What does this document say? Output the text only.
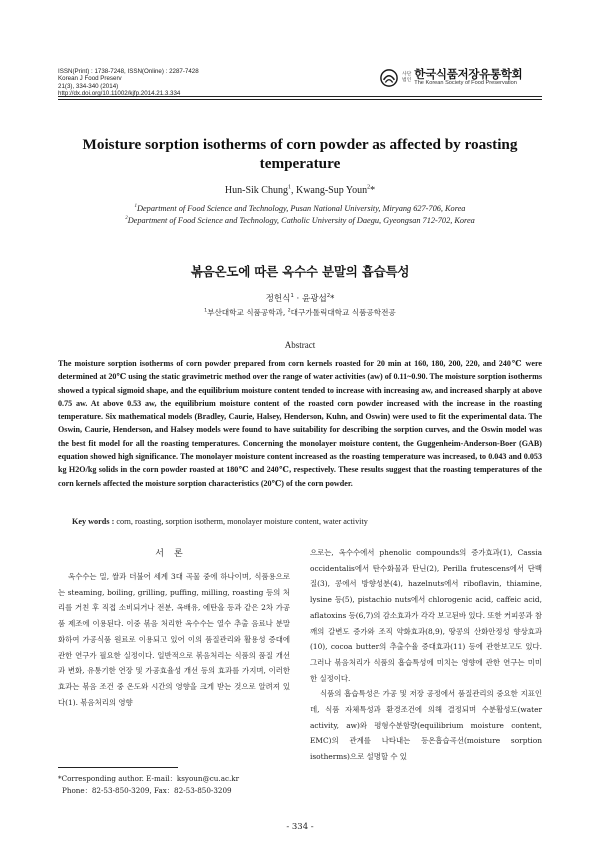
ISSN(Print) : 1738-7248, ISSN(Online) : 2287-7428
Korean J Food Preserv
21(3), 334-340 (2014)
http://dx.doi.org/10.11002/kjfp.2014.21.3.334
사단
법인 한국식품저장유통학회
The Korean Society of Food Preservation
Moisture sorption isotherms of corn powder as affected by roasting temperature
Hun-Sik Chung$^1$, Kwang-Sup Youn$^2$*
$^1$Department of Food Science and Technology, Pusan National University, Miryang 627-706, Korea
$^2$Department of Food Science and Technology, Catholic University of Daegu, Gyeongsan 712-702, Korea
볶음온도에 따른 옥수수 분말의 흡습특성
정헌식$^1$ · 윤광섭$^2$*
$^1$부산대학교 식품공학과, $^2$대구가톨릭대학교 식품공학전공
Abstract
The moisture sorption isotherms of corn powder prepared from corn kernels roasted for 20 min at 160, 180, 200, 220, and 240℃ were determined at 20℃ using the static gravimetric method over the range of water activities (aw) of 0.11~0.90. The moisture sorption isotherms showed a typical sigmoid shape, and the equilibrium moisture content tended to increase with increasing aw, and increased sharply at above 0.75 aw. At above 0.53 aw, the equilibrium moisture content of the roasted corn powder increased with the increase in the roasting temperature. Six mathematical models (Bradley, Caurie, Halsey, Henderson, Kuhn, and Oswin) were used to fit the experimental data. The Oswin, Caurie, Henderson, and Halsey models were found to have suitability for describing the sorption curves, and the Oswin model was the best fit model for all the roasting temperatures. Concerning the monolayer moisture content, the Guggenheim-Anderson-Boer (GAB) equation showed high significance. The monolayer moisture content increased as the roasting temperature was increased, to 0.043 and 0.053 kg H2O/kg solids in the corn powder roasted at 180℃ and 240℃, respectively. These results suggest that the roasting temperatures of the corn kernels affected the moisture sorption characteristics (20℃) of the corn powder.
Key words : corn, roasting, sorption isotherm, monolayer moisture content, water activity
서론

옥수수는 밀, 쌀과 더불어 세계 3대 곡물 중에 하나이며, 식품용으로는 steaming, boiling, grilling, puffing, milling, roasting 등의 처리를 거친 후 직접 소비되거나 전분, 옥배유, 에탄올 등과 같은 2차 가공품 제조에 이용된다. 이중 볶음 처리한 옥수수는 열수 추출 음료나 분말화하여 가공식품 원료로 이용되고 있어 이의 품질관리와 활용성 증대에 관한 연구가 필요한 실정이다. 일반적으로 볶음처리는 식품의 품질 개선과 변화, 유통기한 연장 및 가공효율성 개선 등의 효과를 가지며, 이러한 효과는 볶음 조건 중 온도와 시간의 영향을 크게 받는 것으로 알려져 있다(1). 볶음처리의 영향

으로는, 옥수수에서 phenolic compounds의 증가효과(1), Cassia occidentalis에서 탄수화물과 탄닌(2), Perilla frutescens에서 단백질(3), 콩에서 방향성분(4), hazelnuts에서 riboflavin, thiamine, lysine 등(5), pistachio nuts에서 chlorogenic acid, caffeic acid, aflatoxins 등(6,7)의 감소효과가 각각 보고된바 있다. 또한 커피콩과 참깨의 갈변도 증가와 조직 약화효과(8,9), 땅콩의 산화안정성 향상효과(10), cocoa butter의 추출수율 증대효과(11) 등에 관한보고도 있다. 그러나 볶음처리가 식품의 흡습특성에 미치는 영향에 관한 연구는 미미한 실정이다.

식품의 흡습특성은 가공 및 저장 공정에서 품질관리의 중요한 지표인데, 식품 자체특성과 환경조건에 의해 결정되며 수분활성도(water activity, aw)와 평형수분함량(equilibrium moisture content, EMC)의 관계를 나타내는 등온흡습곡선(moisture sorption isotherms)으로 설명할 수 있

*Corresponding author. E-mail：ksyoun@cu.ac.kr
Phone：82-53-850-3209, Fax：82-53-850-3209
- 334 -
